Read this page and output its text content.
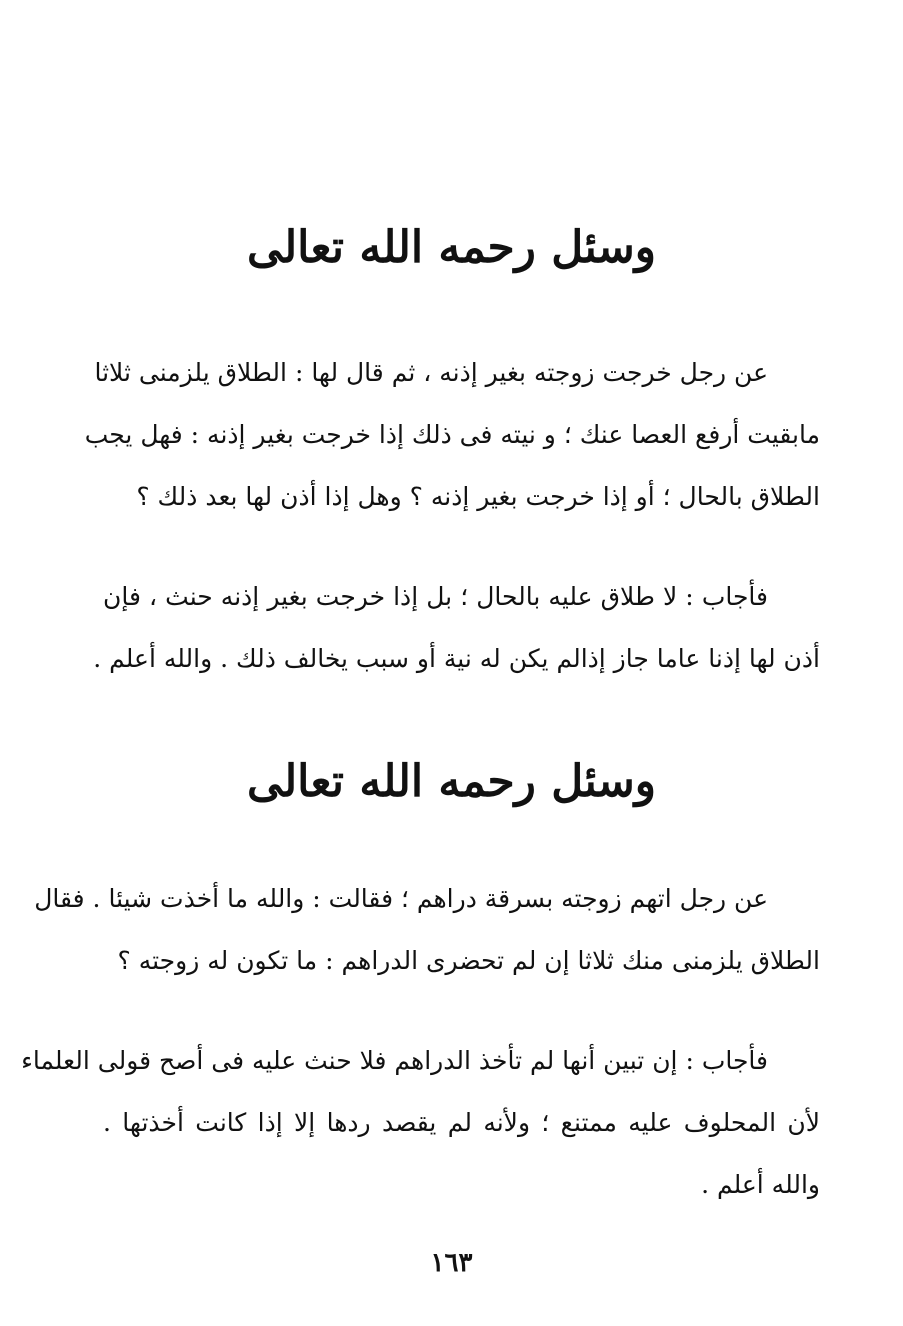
وسئل رحمه الله تعالى

عن رجل خرجت زوجته بغير إذنه ، ثم قال لها : الطلاق يلزمنى ثلاثا
مابقيت أرفع العصا عنك ؛ و نيته فى ذلك إذا خرجت بغير إذنه : فهل يجب
الطلاق بالحال ؛ أو إذا خرجت بغير إذنه ؟ وهل إذا أذن لها بعد ذلك ؟

فأجاب : لا طلاق عليه بالحال ؛ بل إذا خرجت بغير إذنه حنث ، فإن
أذن لها إذنا عاما جاز إذالم يكن له نية أو سبب يخالف ذلك . والله أعلم .

وسئل رحمه الله تعالى

عن رجل اتهم زوجته بسرقة دراهم ؛ فقالت : والله ما أخذت شيئا . فقال
الطلاق يلزمنى منك ثلاثا إن لم تحضرى الدراهم : ما تكون له زوجته ؟

فأجاب : إن تبين أنها لم تأخذ الدراهم فلا حنث عليه فى أصح قولى العلماء
لأن المحلوف عليه ممتنع ؛ ولأنه لم يقصد ردها إلا إذا كانت أخذتها .
والله أعلم .

١٦٣
